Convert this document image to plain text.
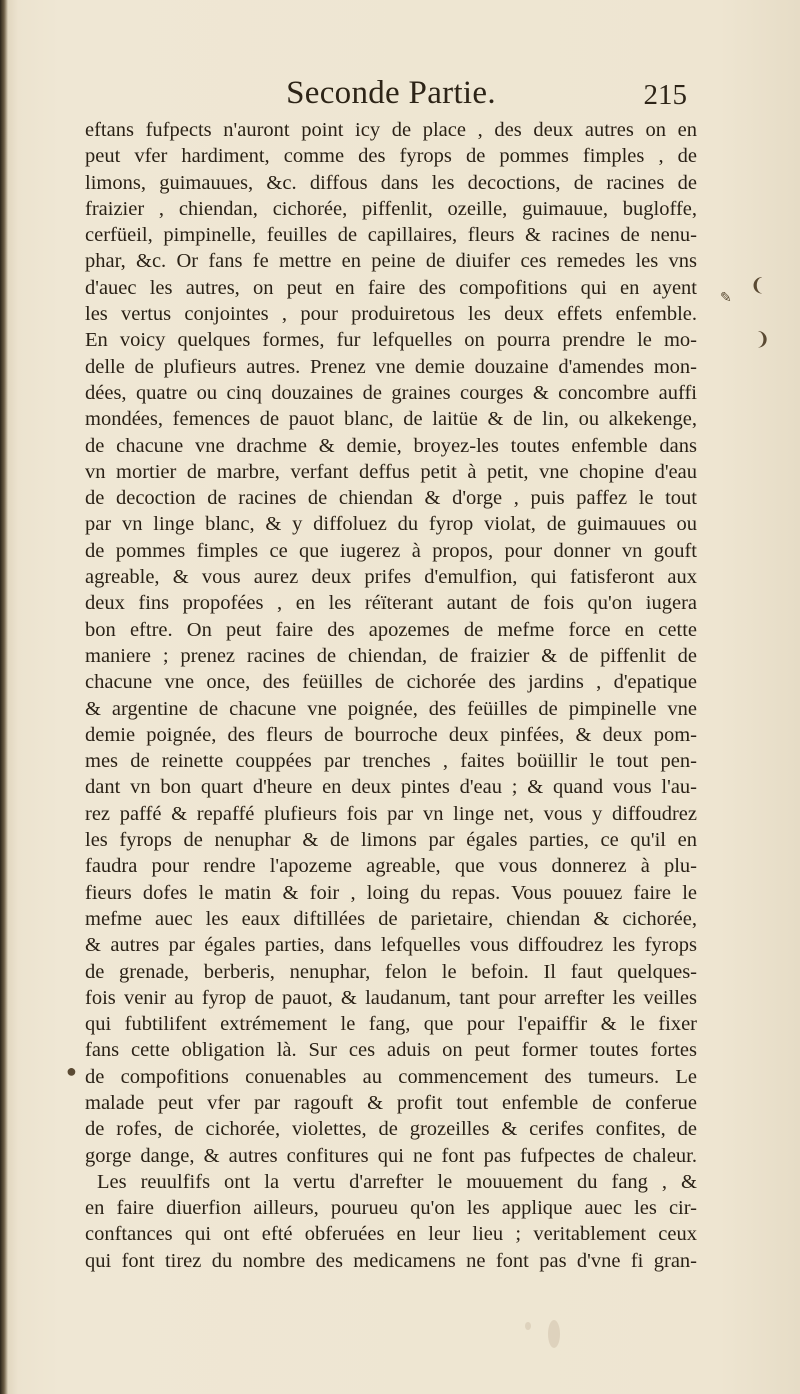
Seconde Partie.	215
eftans fufpects n'auront point icy de place , des deux autres on en
peut vfer hardiment, comme des fyrops de pommes fimples , de
limons, guimauues, &c. diffous dans les decoctions, de racines de
fraizier , chiendan, cichorée, piffenlit, ozeille, guimauue, bugloffe,
cerfüeil, pimpinelle, feuilles de capillaires, fleurs & racines de nenu-
phar, &c. Or fans fe mettre en peine de diuifer ces remedes les vns
d'auec les autres, on peut en faire des compofitions qui en ayent
les vertus conjointes , pour produiretous les deux effets enfemble.
En voicy quelques formes, fur lefquelles on pourra prendre le mo-
delle de plufieurs autres. Prenez vne demie douzaine d'amendes mon-
dées, quatre ou cinq douzaines de graines courges & concombre auffi
mondées, femences de pauot blanc, de laitüe & de lin, ou alkekenge,
de chacune vne drachme & demie, broyez-les toutes enfemble dans
vn mortier de marbre, verfant deffus petit à petit, vne chopine d'eau
de decoction de racines de chiendan & d'orge , puis paffez le tout
par vn linge blanc, & y diffoluez du fyrop violat, de guimauues ou
de pommes fimples ce que iugerez à propos, pour donner vn gouft
agreable, & vous aurez deux prifes d'emulfion, qui fatisferont aux
deux fins propofées , en les réïterant autant de fois qu'on iugera
bon eftre. On peut faire des apozemes de mefme force en cette
maniere ; prenez racines de chiendan, de fraizier & de piffenlit de
chacune vne once, des feüilles de cichorée des jardins , d'epatique
& argentine de chacune vne poignée, des feüilles de pimpinelle vne
demie poignée, des fleurs de bourroche deux pinfées, & deux pom-
mes de reinette couppées par trenches , faites boüillir le tout pen-
dant vn bon quart d'heure en deux pintes d'eau ; & quand vous l'au-
rez paffé & repaffé plufieurs fois par vn linge net, vous y diffoudrez
les fyrops de nenuphar & de limons par égales parties, ce qu'il en
faudra pour rendre l'apozeme agreable, que vous donnerez à plu-
fieurs dofes le matin & foir , loing du repas. Vous pouuez faire le
mefme auec les eaux diftillées de parietaire, chiendan & cichorée,
& autres par égales parties, dans lefquelles vous diffoudrez les fyrops
de grenade, berberis, nenuphar, felon le befoin. Il faut quelques-
fois venir au fyrop de pauot, & laudanum, tant pour arrefter les veilles
qui fubtilifent extrémement le fang, que pour l'epaiffir & le fixer
fans cette obligation là. Sur ces aduis on peut former toutes fortes
de compofitions conuenables au commencement des tumeurs. Le
malade peut vfer par ragouft & profit tout enfemble de conferue
de rofes, de cichorée, violettes, de grozeilles & cerifes confites, de
gorge dange, & autres confitures qui ne font pas fufpectes de chaleur.
Les reuulfifs ont la vertu d'arrefter le mouuement du fang , &
en faire diuerfion ailleurs, pourueu qu'on les applique auec les cir-
conftances qui ont efté obferuées en leur lieu ; veritablement ceux
qui font tirez du nombre des medicamens ne font pas d'vne fi gran-
❨
❩
✎
●
